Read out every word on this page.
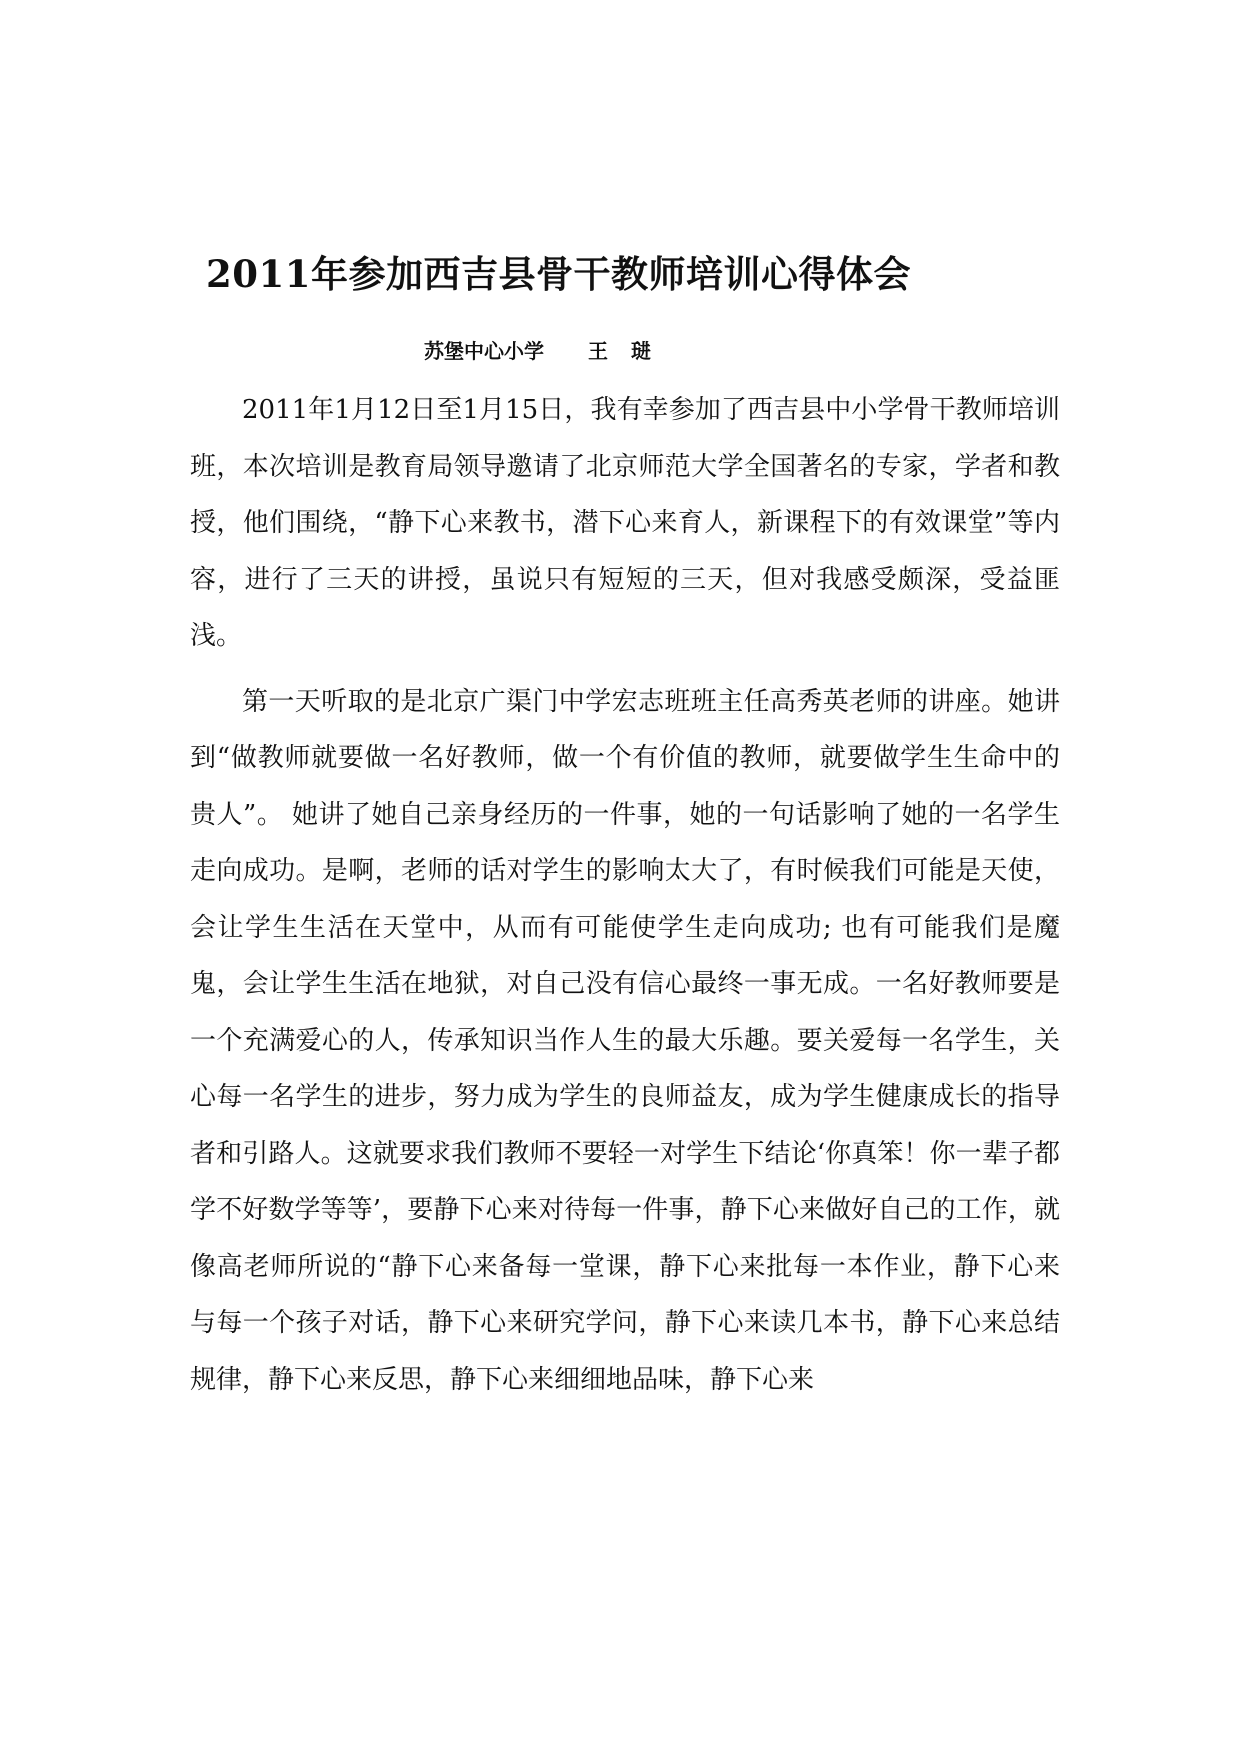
2011年参加西吉县骨干教师培训心得体会
苏堡中心小学 王 琎

2011年1月12日至1月15日，我有幸参加了西吉县中小学骨干教师培训班，本次培训是教育局领导邀请了北京师范大学全国著名的专家，学者和教授，他们围绕，“静下心来教书，潜下心来育人，新课程下的有效课堂”等内容，进行了三天的讲授，虽说只有短短的三天，但对我感受颇深，受益匪浅。

第一天听取的是北京广渠门中学宏志班班主任高秀英老师的讲座。她讲到“做教师就要做一名好教师，做一个有价值的教师，就要做学生生命中的贵人”。 她讲了她自己亲身经历的一件事，她的一句话影响了她的一名学生走向成功。是啊，老师的话对学生的影响太大了，有时候我们可能是天使，会让学生生活在天堂中，从而有可能使学生走向成功; 也有可能我们是魔鬼，会让学生生活在地狱，对自己没有信心最终一事无成。一名好教师要是一个充满爱心的人，传承知识当作人生的最大乐趣。要关爱每一名学生，关心每一名学生的进步，努力成为学生的良师益友，成为学生健康成长的指导者和引路人。这就要求我们教师不要轻一对学生下结论‘你真笨！你一辈子都学不好数学等等’，要静下心来对待每一件事，静下心来做好自己的工作，就像高老师所说的“静下心来备每一堂课，静下心来批每一本作业，静下心来与每一个孩子对话，静下心来研究学问，静下心来读几本书，静下心来总结规律，静下心来反思，静下心来细细地品味，静下心来
